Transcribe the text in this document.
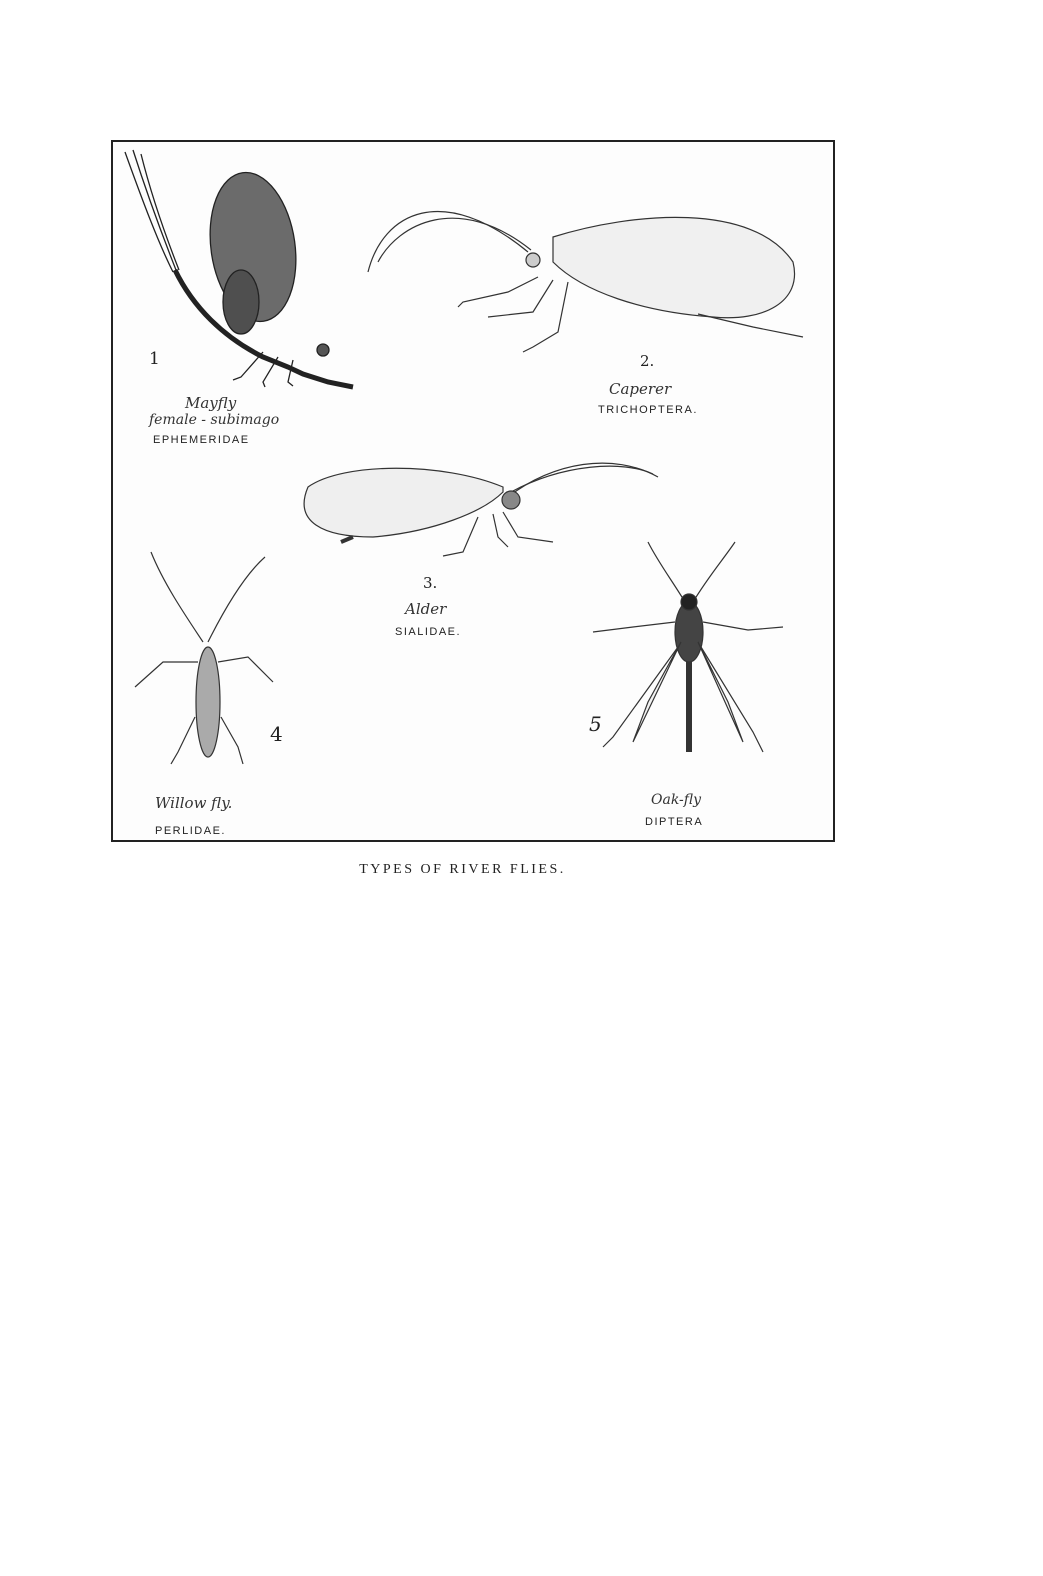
1
Mayfly
female - subimago
EPHEMERIDAE
2.
Caperer
TRICHOPTERA.
3.
Alder
SIALIDAE.
4
Willow fly.
PERLIDAE.
5
Oak-fly
DIPTERA
TYPES OF RIVER FLIES.
